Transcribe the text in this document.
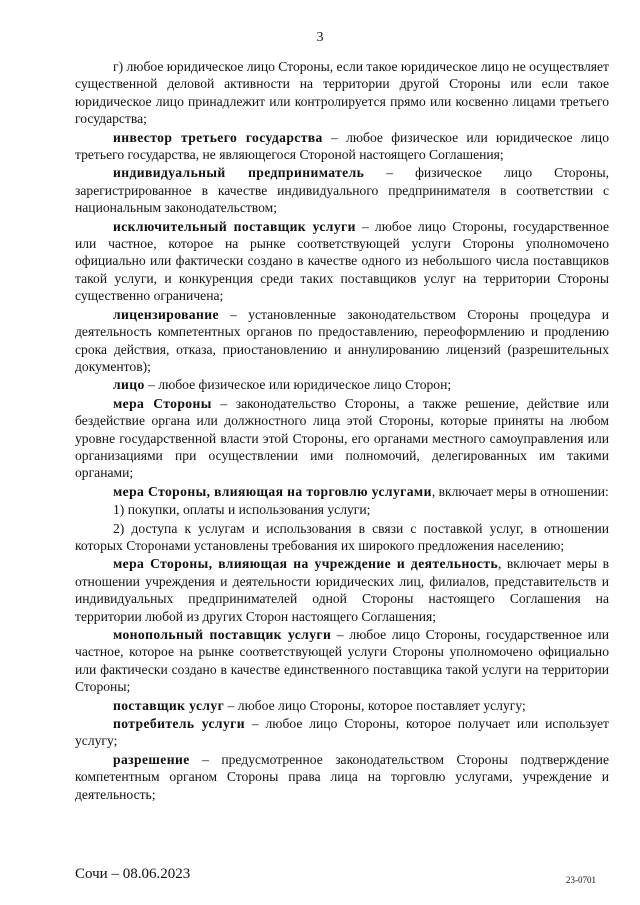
3

г) любое юридическое лицо Стороны, если такое юридическое лицо не осуществляет существенной деловой активности на территории другой Стороны или если такое юридическое лицо принадлежит или контролируется прямо или косвенно лицами третьего государства;

инвестор третьего государства – любое физическое или юридическое лицо третьего государства, не являющегося Стороной настоящего Соглашения;

индивидуальный предприниматель – физическое лицо Стороны, зарегистрированное в качестве индивидуального предпринимателя в соответствии с национальным законодательством;

исключительный поставщик услуги – любое лицо Стороны, государственное или частное, которое на рынке соответствующей услуги Стороны уполномочено официально или фактически создано в качестве одного из небольшого числа поставщиков такой услуги, и конкуренция среди таких поставщиков услуг на территории Стороны существенно ограничена;

лицензирование – установленные законодательством Стороны процедура и деятельность компетентных органов по предоставлению, переоформлению и продлению срока действия, отказа, приостановлению и аннулированию лицензий (разрешительных документов);

лицо – любое физическое или юридическое лицо Сторон;

мера Стороны – законодательство Стороны, а также решение, действие или бездействие органа или должностного лица этой Стороны, которые приняты на любом уровне государственной власти этой Стороны, его органами местного самоуправления или организациями при осуществлении ими полномочий, делегированных им такими органами;

мера Стороны, влияющая на торговлю услугами, включает меры в отношении:

1) покупки, оплаты и использования услуги;

2) доступа к услугам и использования в связи с поставкой услуг, в отношении которых Сторонами установлены требования их широкого предложения населению;

мера Стороны, влияющая на учреждение и деятельность, включает меры в отношении учреждения и деятельности юридических лиц, филиалов, представительств и индивидуальных предпринимателей одной Стороны настоящего Соглашения на территории любой из других Сторон настоящего Соглашения;

монопольный поставщик услуги – любое лицо Стороны, государственное или частное, которое на рынке соответствующей услуги Стороны уполномочено официально или фактически создано в качестве единственного поставщика такой услуги на территории Стороны;

поставщик услуг – любое лицо Стороны, которое поставляет услугу;

потребитель услуги – любое лицо Стороны, которое получает или использует услугу;

разрешение – предусмотренное законодательством Стороны подтверждение компетентным органом Стороны права лица на торговлю услугами, учреждение и деятельность;

Сочи – 08.06.2023	23-0701
